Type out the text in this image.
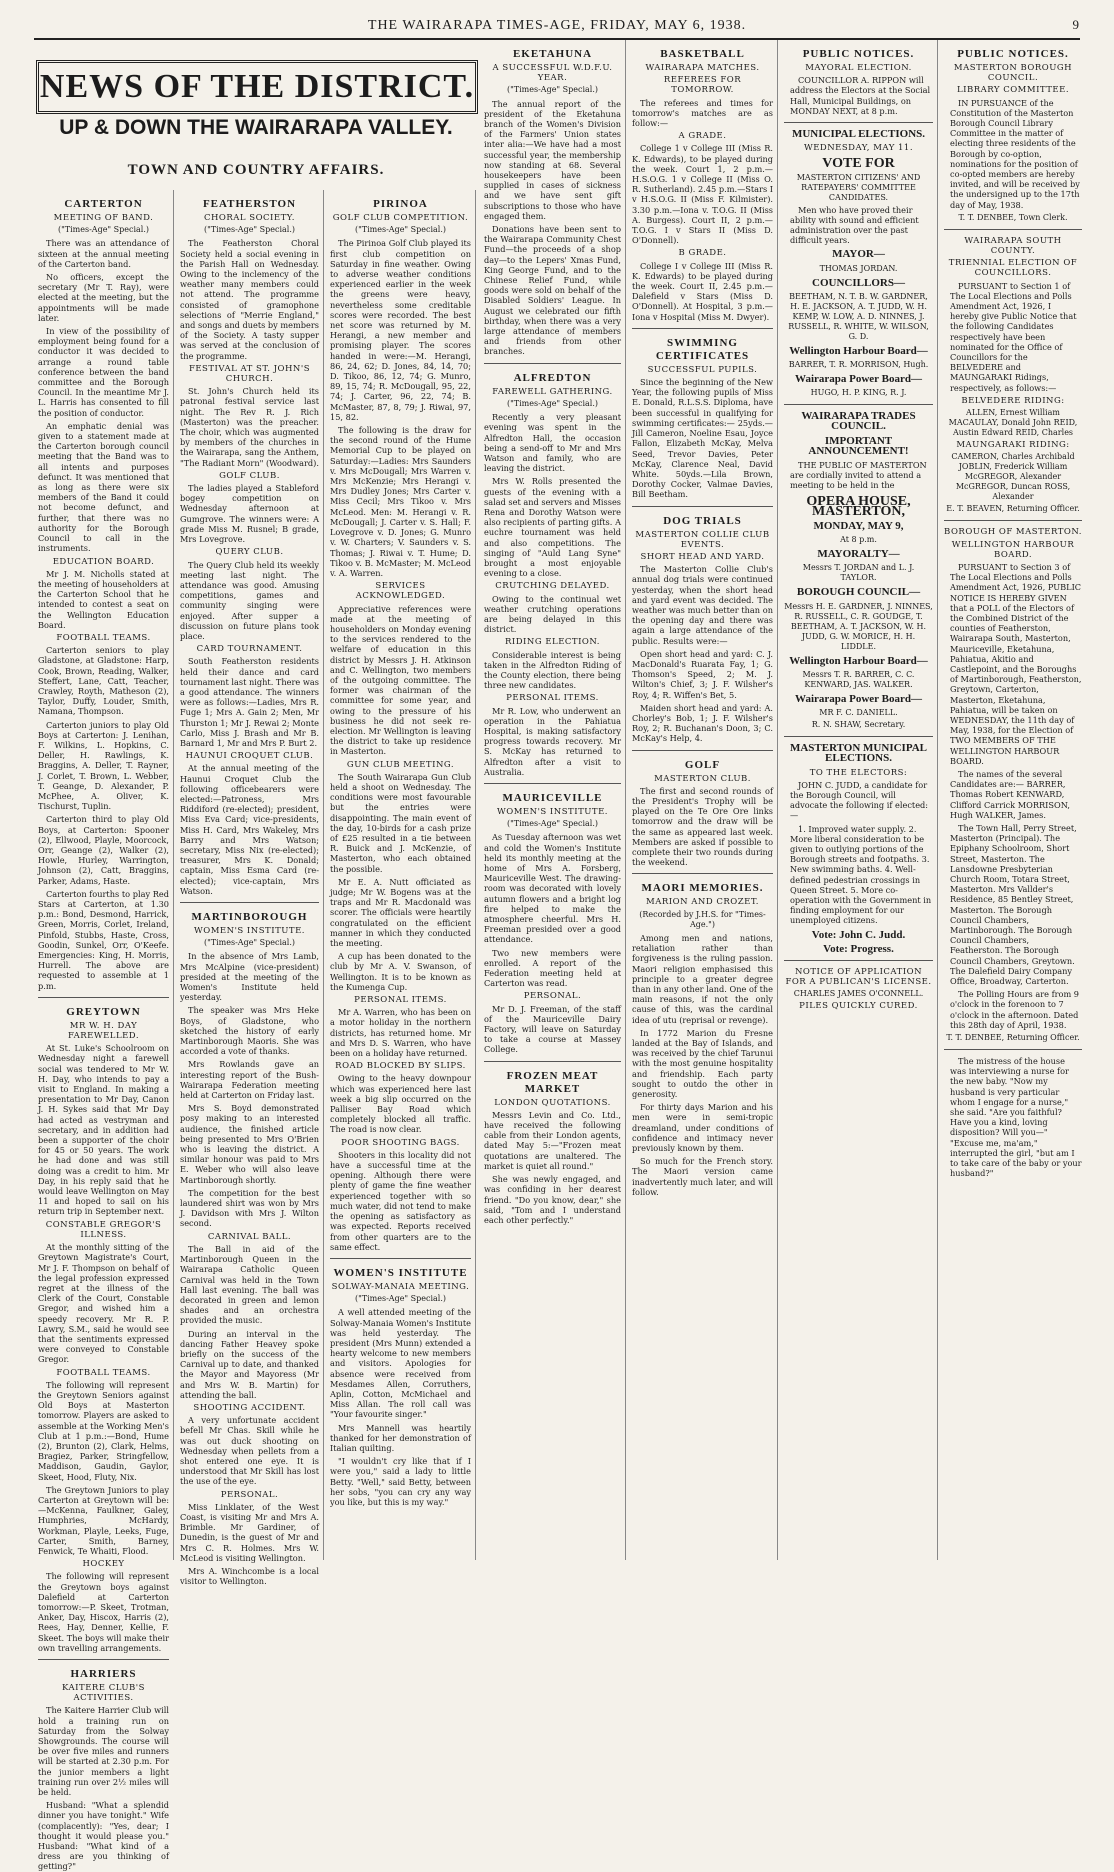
THE WAIRARAPA TIMES-AGE, FRIDAY, MAY 6, 1938.	9
NEWS OF THE DISTRICT.
UP & DOWN THE WAIRARAPA VALLEY.
TOWN AND COUNTRY AFFAIRS.
CARTERTON
MEETING OF BAND.
("Times-Age" Special.)

There was an attendance of sixteen at the annual meeting of the Carterton band.

No officers, except the secretary (Mr T. Ray), were elected at the meeting, but the appointments will be made later.

In view of the possibility of employment being found for a conductor it was decided to arrange a round table conference between the band committee and the Borough Council. In the meantime Mr J. L. Harris has consented to fill the position of conductor.

An emphatic denial was given to a statement made at the Carterton borough council meeting that the Band was to all intents and purposes defunct. It was mentioned that as long as there were six members of the Band it could not become defunct, and further, that there was no authority for the Borough Council to call in the instruments.

EDUCATION BOARD.

Mr J. M. Nicholls stated at the meeting of householders at the Carterton School that he intended to contest a seat on the Wellington Education Board.

FOOTBALL TEAMS.

Carterton seniors to play Gladstone, at Gladstone: Harp, Cook, Brown, Reading, Walker, Steffert, Lane, Catt, Teacher, Crawley, Royth, Matheson (2), Taylor, Duffy, Louder, Smith, Namana, Thompson.

Carterton juniors to play Old Boys at Carterton: J. Lenihan, F. Wilkins, L. Hopkins, C. Deller, H. Rawlings, K. Braggins, A. Deller, T. Rayner, J. Corlet, T. Brown, L. Webber, T. Geange, D. Alexander, P. McPhee, A. Oliver, K. Tischurst, Tuplin.

Carterton third to play Old Boys, at Carterton: Spooner (2), Ellwood, Playle, Moorcock, Orr, Geange (2), Walker (2), Howle, Hurley, Warrington, Johnson (2), Catt, Braggins, Parker, Adams, Haste.

Carterton fourths to play Red Stars at Carterton, at 1.30 p.m.: Bond, Desmond, Harrick, Green, Morris, Corlet, Ireland, Pinfold, Stubbs, Haste, Cross, Goodin, Sunkel, Orr, O'Keefe. Emergencies: King, H. Morris, Hurrell. The above are requested to assemble at 1 p.m.

GREYTOWN
MR W. H. DAY FAREWELLED.

At St. Luke's Schoolroom on Wednesday night a farewell social was tendered to Mr W. H. Day, who intends to pay a visit to England. In making a presentation to Mr Day, Canon J. H. Sykes said that Mr Day had acted as vestryman and secretary, and in addition had been a supporter of the choir for 45 or 50 years. The work he had done and was still doing was a credit to him. Mr Day, in his reply said that he would leave Wellington on May 11 and hoped to sail on his return trip in September next.

CONSTABLE GREGOR'S ILLNESS.

At the monthly sitting of the Greytown Magistrate's Court, Mr J. F. Thompson on behalf of the legal profession expressed regret at the illness of the Clerk of the Court, Constable Gregor, and wished him a speedy recovery. Mr R. P. Lawry, S.M., said he would see that the sentiments expressed were conveyed to Constable Gregor.

FOOTBALL TEAMS.

The following will represent the Greytown Seniors against Old Boys at Masterton tomorrow. Players are asked to assemble at the Working Men's Club at 1 p.m.:—Bond, Hume (2), Brunton (2), Clark, Helms, Bragiez, Parker, Stringfellow, Maddison, Gaudin, Gaylor, Skeet, Hood, Fluty, Nix.

The Greytown Juniors to play Carterton at Greytown will be:—McKenna, Faulkner, Galey, Humphries, McHardy, Workman, Playle, Leeks, Fuge, Carter, Smith, Barney, Fenwick, Te Whaiti, Flood.

HOCKEY

The following will represent the Greytown boys against Dalefield at Carterton tomorrow:—P. Skeet, Trotman, Anker, Day, Hiscox, Harris (2), Rees, Hay, Denner, Kellie, F. Skeet. The boys will make their own travelling arrangements.

HARRIERS
KAITERE CLUB'S ACTIVITIES.

The Kaitere Harrier Club will hold a training run on Saturday from the Solway Showgrounds. The course will be over five miles and runners will be started at 2.30 p.m. For the junior members a light training run over 2½ miles will be held.

Husband: "What a splendid dinner you have tonight." Wife (complacently): "Yes, dear; I thought it would please you." Husband: "What kind of a dress are you thinking of getting?"

FEATHERSTON
CHORAL SOCIETY.
("Times-Age" Special.)

The Featherston Choral Society held a social evening in the Parish Hall on Wednesday. Owing to the inclemency of the weather many members could not attend. The programme consisted of gramophone selections of "Merrie England," and songs and duets by members of the Society. A tasty supper was served at the conclusion of the programme.

FESTIVAL AT ST. JOHN'S CHURCH.

St. John's Church held its patronal festival service last night. The Rev R. J. Rich (Masterton) was the preacher. The choir, which was augmented by members of the churches in the Wairarapa, sang the Anthem, "The Radiant Morn" (Woodward).

GOLF CLUB.

The ladies played a Stableford bogey competition on Wednesday afternoon at Gumgrove. The winners were: A grade Miss M. Rusnel; B grade, Mrs Lovegrove.

QUERY CLUB.

The Query Club held its weekly meeting last night. The attendance was good. Amusing competitions, games and community singing were enjoyed. After supper a discussion on future plans took place.

CARD TOURNAMENT.

South Featherston residents held their dance and card tournament last night. There was a good attendance. The winners were as follows:—Ladies, Mrs R. Fuge 1; Mrs A. Gain 2; Men, Mr Thurston 1; Mr J. Rewai 2; Monte Carlo, Miss J. Brash and Mr B. Barnard 1, Mr and Mrs P. Burt 2.

HAUNUI CROQUET CLUB.

At the annual meeting of the Haunui Croquet Club the following officebearers were elected:—Patroness, Mrs Riddiford (re-elected); president, Miss Eva Card; vice-presidents, Miss H. Card, Mrs Wakeley, Mrs Barry and Mrs Watson; secretary, Miss Nix (re-elected); treasurer, Mrs K. Donald; captain, Miss Esma Card (re-elected); vice-captain, Mrs Watson.

MARTINBOROUGH
WOMEN'S INSTITUTE.
("Times-Age" Special.)

In the absence of Mrs Lamb, Mrs McAlpine (vice-president) presided at the meeting of the Women's Institute held yesterday.

The speaker was Mrs Heke Boys, of Gladstone, who sketched the history of early Martinborough Maoris. She was accorded a vote of thanks.

Mrs Rowlands gave an interesting report of the Bush-Wairarapa Federation meeting held at Carterton on Friday last.

Mrs S. Boyd demonstrated posy making to an interested audience, the finished article being presented to Mrs O'Brien who is leaving the district. A similar honour was paid to Mrs E. Weber who will also leave Martinborough shortly.

The competition for the best laundered shirt was won by Mrs J. Davidson with Mrs J. Wilton second.

CARNIVAL BALL.

The Ball in aid of the Martinborough Queen in the Wairarapa Catholic Queen Carnival was held in the Town Hall last evening. The ball was decorated in green and lemon shades and an orchestra provided the music.

During an interval in the dancing Father Heavey spoke briefly on the success of the Carnival up to date, and thanked the Mayor and Mayoress (Mr and Mrs W. B. Martin) for attending the ball.

SHOOTING ACCIDENT.

A very unfortunate accident befell Mr Chas. Skill while he was out duck shooting on Wednesday when pellets from a shot entered one eye. It is understood that Mr Skill has lost the use of the eye.

PERSONAL.

Miss Linklater, of the West Coast, is visiting Mr and Mrs A. Brimble. Mr Gardiner, of Dunedin, is the guest of Mr and Mrs C. R. Holmes. Mrs W. McLeod is visiting Wellington.

Mrs A. Winchcombe is a local visitor to Wellington.

PIRINOA
GOLF CLUB COMPETITION.
("Times-Age" Special.)

The Pirinoa Golf Club played its first club competition on Saturday in fine weather. Owing to adverse weather conditions experienced earlier in the week the greens were heavy, nevertheless some creditable scores were recorded. The best net score was returned by M. Herangi, a new member and promising player. The scores handed in were:—M. Herangi, 86, 24, 62; D. Jones, 84, 14, 70; D. Tikoo, 86, 12, 74; G. Munro, 89, 15, 74; R. McDougall, 95, 22, 74; J. Carter, 96, 22, 74; B. McMaster, 87, 8, 79; J. Riwai, 97, 15, 82.

The following is the draw for the second round of the Hume Memorial Cup to be played on Saturday:—Ladies: Mrs Saunders v. Mrs McDougall; Mrs Warren v. Mrs McKenzie; Mrs Herangi v. Mrs Dudley Jones; Mrs Carter v. Miss Cecil; Mrs Tikoo v. Mrs McLeod. Men: M. Herangi v. R. McDougall; J. Carter v. S. Hall; F. Lovegrove v. D. Jones; G. Munro v. W. Charters; V. Saunders v. S. Thomas; J. Riwai v. T. Hume; D. Tikoo v. B. McMaster; M. McLeod v. A. Warren.

SERVICES ACKNOWLEDGED.

Appreciative references were made at the meeting of householders on Monday evening to the services rendered to the welfare of education in this district by Messrs J. H. Atkinson and C. Wellington, two members of the outgoing committee. The former was chairman of the committee for some year, and owing to the pressure of his business he did not seek re-election. Mr Wellington is leaving the district to take up residence in Masterton.

GUN CLUB MEETING.

The South Wairarapa Gun Club held a shoot on Wednesday. The conditions were most favourable but the entries were disappointing. The main event of the day, 10-birds for a cash prize of £25 resulted in a tie between R. Buick and J. McKenzie, of Masterton, who each obtained the possible.

Mr E. A. Nutt officiated as judge; Mr W. Bogens was at the traps and Mr R. Macdonald was scorer. The officials were heartily congratulated on the efficient manner in which they conducted the meeting.

A cup has been donated to the club by Mr A. V. Swanson, of Wellington. It is to be known as the Kumenga Cup.

PERSONAL ITEMS.

Mr A. Warren, who has been on a motor holiday in the northern districts, has returned home. Mr and Mrs D. S. Warren, who have been on a holiday have returned.

ROAD BLOCKED BY SLIPS.

Owing to the heavy downpour which was experienced here last week a big slip occurred on the Palliser Bay Road which completely blocked all traffic. The road is now clear.

POOR SHOOTING BAGS.

Shooters in this locality did not have a successful time at the opening. Although there were plenty of game the fine weather experienced together with so much water, did not tend to make the opening as satisfactory as was expected. Reports received from other quarters are to the same effect.

WOMEN'S INSTITUTE
SOLWAY-MANAIA MEETING.
("Times-Age" Special.)

A well attended meeting of the Solway-Manaia Women's Institute was held yesterday. The president (Mrs Munn) extended a hearty welcome to new members and visitors. Apologies for absence were received from Mesdames Allen, Corruthers, Aplin, Cotton, McMichael and Miss Allan. The roll call was "Your favourite singer."

Mrs Mannell was heartily thanked for her demonstration of Italian quilting.

"I wouldn't cry like that if I were you," said a lady to little Betty. "Well," said Betty, between her sobs, "you can cry any way you like, but this is my way."

EKETAHUNA
A SUCCESSFUL W.D.F.U. YEAR.
("Times-Age" Special.)

The annual report of the president of the Eketahuna branch of the Women's Division of the Farmers' Union states inter alia:—We have had a most successful year, the membership now standing at 68. Several housekeepers have been supplied in cases of sickness and we have sent gift subscriptions to those who have engaged them.

Donations have been sent to the Wairarapa Community Chest Fund—the proceeds of a shop day—to the Lepers' Xmas Fund, King George Fund, and to the Chinese Relief Fund, while goods were sold on behalf of the Disabled Soldiers' League. In August we celebrated our fifth birthday, when there was a very large attendance of members and friends from other branches.

ALFREDTON
FAREWELL GATHERING.
("Times-Age" Special.)

Recently a very pleasant evening was spent in the Alfredton Hall, the occasion being a send-off to Mr and Mrs Watson and family, who are leaving the district.

Mrs W. Rolls presented the guests of the evening with a salad set and servers and Misses Rena and Dorothy Watson were also recipients of parting gifts. A euchre tournament was held and also competitions. The singing of "Auld Lang Syne" brought a most enjoyable evening to a close.

CRUTCHING DELAYED.

Owing to the continual wet weather crutching operations are being delayed in this district.

RIDING ELECTION.

Considerable interest is being taken in the Alfredton Riding of the County election, there being three new candidates.

PERSONAL ITEMS.

Mr R. Low, who underwent an operation in the Pahiatua Hospital, is making satisfactory progress towards recovery. Mr S. McKay has returned to Alfredton after a visit to Australia.

MAURICEVILLE
WOMEN'S INSTITUTE.
("Times-Age" Special.)

As Tuesday afternoon was wet and cold the Women's Institute held its monthly meeting at the home of Mrs A. Forsberg, Mauriceville West. The drawing-room was decorated with lovely autumn flowers and a bright log fire helped to make the atmosphere cheerful. Mrs H. Freeman presided over a good attendance.

Two new members were enrolled. A report of the Federation meeting held at Carterton was read.

PERSONAL.

Mr D. J. Freeman, of the staff of the Mauriceville Dairy Factory, will leave on Saturday to take a course at Massey College.

FROZEN MEAT MARKET
LONDON QUOTATIONS.

Messrs Levin and Co. Ltd., have received the following cable from their London agents, dated May 5:—"Frozen meat quotations are unaltered. The market is quiet all round."

She was newly engaged, and was confiding in her dearest friend. "Do you know, dear," she said, "Tom and I understand each other perfectly."

BASKETBALL
WAIRARAPA MATCHES.
REFEREES FOR TOMORROW.

The referees and times for tomorrow's matches are as follow:—

A GRADE.

College 1 v College III (Miss R. K. Edwards), to be played during the week. Court 1, 2 p.m.—H.S.O.G. 1 v College II (Miss O. R. Sutherland). 2.45 p.m.—Stars I v H.S.O.G. II (Miss F. Kilmister). 3.30 p.m.—Iona v. T.O.G. II (Miss A. Burgess). Court II, 2 p.m.—T.O.G. I v Stars II (Miss D. O'Donnell).

B GRADE.

College I v College III (Miss R. K. Edwards) to be played during the week. Court II, 2.45 p.m.—Dalefield v Stars (Miss D. O'Donnell). At Hospital, 3 p.m.—Iona v Hospital (Miss M. Dwyer).

SWIMMING CERTIFICATES
SUCCESSFUL PUPILS.

Since the beginning of the New Year, the following pupils of Miss E. Donald, R.L.S.S. Diploma, have been successful in qualifying for swimming certificates:— 25yds.—Jill Cameron, Noeline Esau, Joyce Fallon, Elizabeth McKay, Melva Seed, Trevor Davies, Peter McKay, Clarence Neal, David White. 50yds.—Lila Brown, Dorothy Cocker, Valmae Davies, Bill Beetham.

DOG TRIALS
MASTERTON COLLIE CLUB EVENTS.
SHORT HEAD AND YARD.

The Masterton Collie Club's annual dog trials were continued yesterday, when the short head and yard event was decided. The weather was much better than on the opening day and there was again a large attendance of the public. Results were:—

Open short head and yard: C. J. MacDonald's Ruarata Fay, 1; G. Thomson's Speed, 2; M. J. Wilton's Chief, 3; J. F. Wilsher's Roy, 4; R. Wiffen's Bet, 5.

Maiden short head and yard: A. Chorley's Bob, 1; J. F. Wilsher's Roy, 2; R. Buchanan's Doon, 3; C. McKay's Help, 4.

GOLF
MASTERTON CLUB.

The first and second rounds of the President's Trophy will be played on the Te Ore Ore links tomorrow and the draw will be the same as appeared last week. Members are asked if possible to complete their two rounds during the weekend.

MAORI MEMORIES.
MARION AND CROZET.
(Recorded by J.H.S. for "Times-Age.")

Among men and nations, retaliation rather than forgiveness is the ruling passion. Maori religion emphasised this principle to a greater degree than in any other land. One of the main reasons, if not the only cause of this, was the cardinal idea of utu (reprisal or revenge).

In 1772 Marion du Fresne landed at the Bay of Islands, and was received by the chief Tarunui with the most genuine hospitality and friendship. Each party sought to outdo the other in generosity.

For thirty days Marion and his men were in semi-tropic dreamland, under conditions of confidence and intimacy never previously known by them.

So much for the French story. The Maori version came inadvertently much later, and will follow.

PUBLIC NOTICES.
MAYORAL ELECTION.

COUNCILLOR A. RIPPON will address the Electors at the Social Hall, Municipal Buildings, on MONDAY NEXT, at 8 p.m.

MUNICIPAL ELECTIONS.
WEDNESDAY, MAY 11.
VOTE FOR
MASTERTON CITIZENS' AND RATEPAYERS' COMMITTEE CANDIDATES.

Men who have proved their ability with sound and efficient administration over the past difficult years.

MAYOR—
THOMAS JORDAN.
COUNCILLORS—
BEETHAM, N. T. B. W. GARDNER, H. E. JACKSON, A. T. JUDD, W. H. KEMP, W. LOW, A. D. NINNES, J. RUSSELL, R. WHITE, W. WILSON, G. D.
Wellington Harbour Board—
BARRER, T. R. MORRISON, Hugh.
Wairarapa Power Board—
HUGO, H. P. KING, R. J.
WAIRARAPA TRADES COUNCIL.
IMPORTANT ANNOUNCEMENT!

THE PUBLIC OF MASTERTON are cordially invited to attend a meeting to be held in the

OPERA HOUSE, MASTERTON,
MONDAY, MAY 9,
At 8 p.m.
MAYORALTY—
Messrs T. JORDAN and L. J. TAYLOR.
BOROUGH COUNCIL—
Messrs H. E. GARDNER, J. NINNES, R. RUSSELL, C. R. GOUDGE, T. BEETHAM, A. T. JACKSON, W. H. JUDD, G. W. MORICE, H. H. LIDDLE.
Wellington Harbour Board—
Messrs T. R. BARRER, C. C. KENWARD, JAS. WALKER.
Wairarapa Power Board—
MR F. C. DANIELL.
R. N. SHAW, Secretary.
MASTERTON MUNICIPAL ELECTIONS.
TO THE ELECTORS:

JOHN C. JUDD, a candidate for the Borough Council, will advocate the following if elected:—

1. Improved water supply. 2. More liberal consideration to be given to outlying portions of the Borough streets and footpaths. 3. New swimming baths. 4. Well-defined pedestrian crossings in Queen Street. 5. More co-operation with the Government in finding employment for our unemployed citizens.

Vote: John C. Judd.
Vote: Progress.
NOTICE OF APPLICATION FOR A PUBLICAN'S LICENSE.
CHARLES JAMES O'CONNELL.
PILES QUICKLY CURED.
PUBLIC NOTICES.
MASTERTON BOROUGH COUNCIL.
LIBRARY COMMITTEE.

IN PURSUANCE of the Constitution of the Masterton Borough Council Library Committee in the matter of electing three residents of the Borough by co-option, nominations for the position of co-opted members are hereby invited, and will be received by the undersigned up to the 17th day of May, 1938.

T. T. DENBEE, Town Clerk.
WAIRARAPA SOUTH COUNTY.
TRIENNIAL ELECTION OF COUNCILLORS.

PURSUANT to Section 1 of The Local Elections and Polls Amendment Act, 1926, I hereby give Public Notice that the following Candidates respectively have been nominated for the Office of Councillors for the BELVEDERE and MAUNGARAKI Ridings, respectively, as follows:—

BELVEDERE RIDING:
ALLEN, Ernest William MACAULAY, Donald John REID, Austin Edward REID, Charles
MAUNGARAKI RIDING:
CAMERON, Charles Archibald JOBLIN, Frederick William McGREGOR, Alexander McGREGOR, Duncan ROSS, Alexander
E. T. BEAVEN, Returning Officer.
BOROUGH OF MASTERTON.
WELLINGTON HARBOUR BOARD.

PURSUANT to Section 3 of The Local Elections and Polls Amendment Act, 1926, PUBLIC NOTICE IS HEREBY GIVEN that a POLL of the Electors of the Combined District of the counties of Featherston, Wairarapa South, Masterton, Mauriceville, Eketahuna, Pahiatua, Akitio and Castlepoint, and the Boroughs of Martinborough, Featherston, Greytown, Carterton, Masterton, Eketahuna, Pahiatua, will be taken on WEDNESDAY, the 11th day of May, 1938, for the Election of TWO MEMBERS OF THE WELLINGTON HARBOUR BOARD.

The names of the several Candidates are:— BARRER, Thomas Robert KENWARD, Clifford Carrick MORRISON, Hugh WALKER, James.

The Town Hall, Perry Street, Masterton (Principal). The Epiphany Schoolroom, Short Street, Masterton. The Lansdowne Presbyterian Church Room, Totara Street, Masterton. Mrs Vallder's Residence, 85 Bentley Street, Masterton. The Borough Council Chambers, Martinborough. The Borough Council Chambers, Featherston. The Borough Council Chambers, Greytown. The Dalefield Dairy Company Office, Broadway, Carterton.

The Polling Hours are from 9 o'clock in the forenoon to 7 o'clock in the afternoon. Dated this 28th day of April, 1938.

T. T. DENBEE, Returning Officer.

The mistress of the house was interviewing a nurse for the new baby. "Now my husband is very particular whom I engage for a nurse," she said. "Are you faithful? Have you a kind, loving disposition? Will you—" "Excuse me, ma'am," interrupted the girl, "but am I to take care of the baby or your husband?"
